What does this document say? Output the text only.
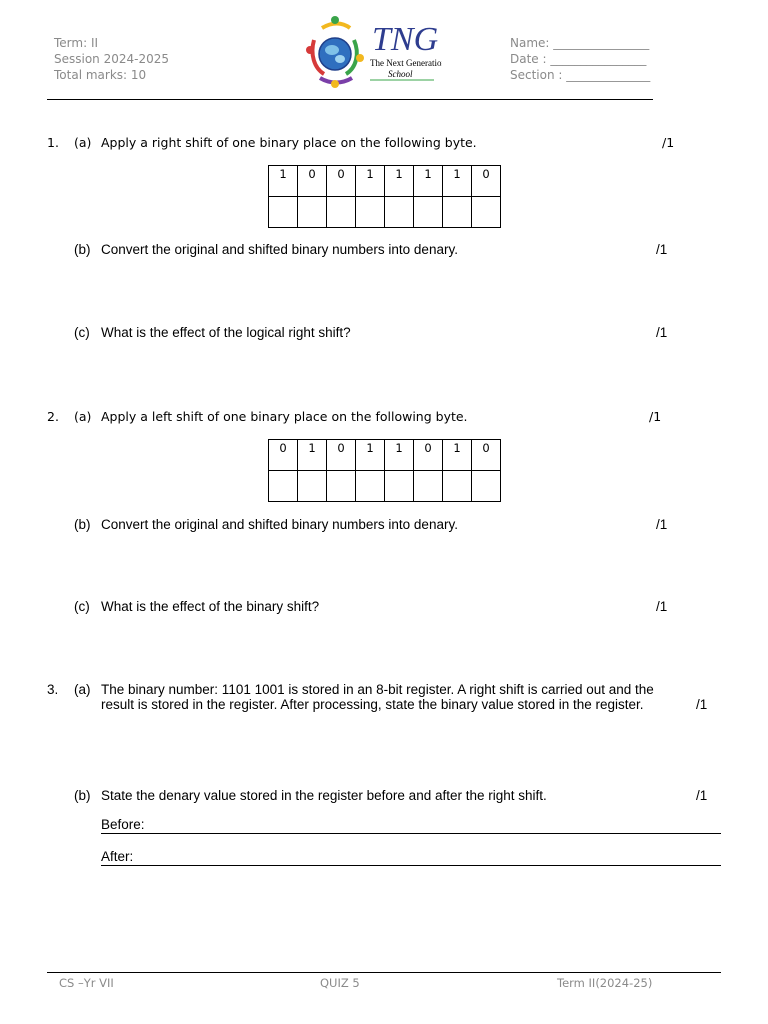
Term: II
Session 2024-2025
Total marks: 10
TNG
The Next Generation
School
Name: ________________
Date : ________________
Section : ______________
1. (a) Apply a right shift of one binary place on the following byte.	/1
1	0	0	1	1	1	1	0

(b) Convert the original and shifted binary numbers into denary.	/1
(c) What is the effect of the logical right shift?	/1
2. (a) Apply a left shift of one binary place on the following byte.	/1
0	1	0	1	1	0	1	0

(b) Convert the original and shifted binary numbers into denary.	/1
(c) What is the effect of the binary shift?	/1
3. (a) The binary number: 1101 1001 is stored in an 8-bit register. A right shift is carried out and the
result is stored in the register. After processing, state the binary value stored in the register.	/1
(b) State the denary value stored in the register before and after the right shift.	/1
Before:
After:
CS –Yr VII	QUIZ 5	Term II(2024-25)
